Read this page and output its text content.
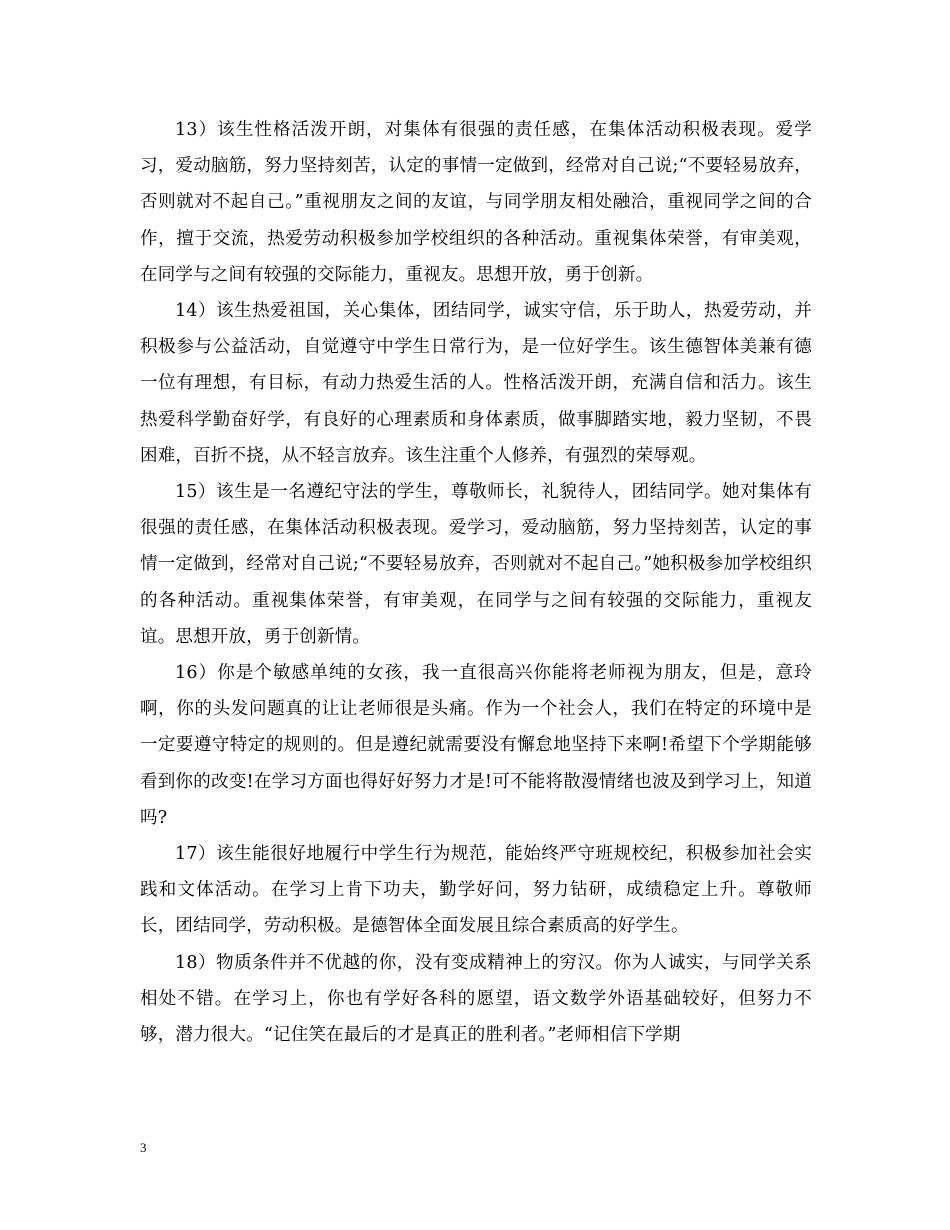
13）该生性格活泼开朗，对集体有很强的责任感，在集体活动积极表现。爱学习，爱动脑筋，努力坚持刻苦，认定的事情一定做到，经常对自己说;“不要轻易放弃，否则就对不起自己。”重视朋友之间的友谊，与同学朋友相处融洽，重视同学之间的合作，擅于交流，热爱劳动积极参加学校组织的各种活动。重视集体荣誉，有审美观，在同学与之间有较强的交际能力，重视友。思想开放，勇于创新。

14）该生热爱祖国，关心集体，团结同学，诚实守信，乐于助人，热爱劳动，并积极参与公益活动，自觉遵守中学生日常行为，是一位好学生。该生德智体美兼有德一位有理想，有目标，有动力热爱生活的人。性格活泼开朗，充满自信和活力。该生热爱科学勤奋好学，有良好的心理素质和身体素质，做事脚踏实地，毅力坚韧，不畏困难，百折不挠，从不轻言放弃。该生注重个人修养，有强烈的荣辱观。

15）该生是一名遵纪守法的学生，尊敬师长，礼貌待人，团结同学。她对集体有很强的责任感，在集体活动积极表现。爱学习，爱动脑筋，努力坚持刻苦，认定的事情一定做到，经常对自己说;“不要轻易放弃，否则就对不起自己。”她积极参加学校组织的各种活动。重视集体荣誉，有审美观，在同学与之间有较强的交际能力，重视友谊。思想开放，勇于创新情。

16）你是个敏感单纯的女孩，我一直很高兴你能将老师视为朋友，但是，意玲啊，你的头发问题真的让让老师很是头痛。作为一个社会人，我们在特定的环境中是一定要遵守特定的规则的。但是遵纪就需要没有懈怠地坚持下来啊!希望下个学期能够看到你的改变!在学习方面也得好好努力才是!可不能将散漫情绪也波及到学习上，知道吗?

17）该生能很好地履行中学生行为规范，能始终严守班规校纪，积极参加社会实践和文体活动。在学习上肯下功夫，勤学好问，努力钻研，成绩稳定上升。尊敬师长，团结同学，劳动积极。是德智体全面发展且综合素质高的好学生。

18）物质条件并不优越的你，没有变成精神上的穷汉。你为人诚实，与同学关系相处不错。在学习上，你也有学好各科的愿望，语文数学外语基础较好，但努力不够，潜力很大。“记住笑在最后的才是真正的胜利者。”老师相信下学期

3
